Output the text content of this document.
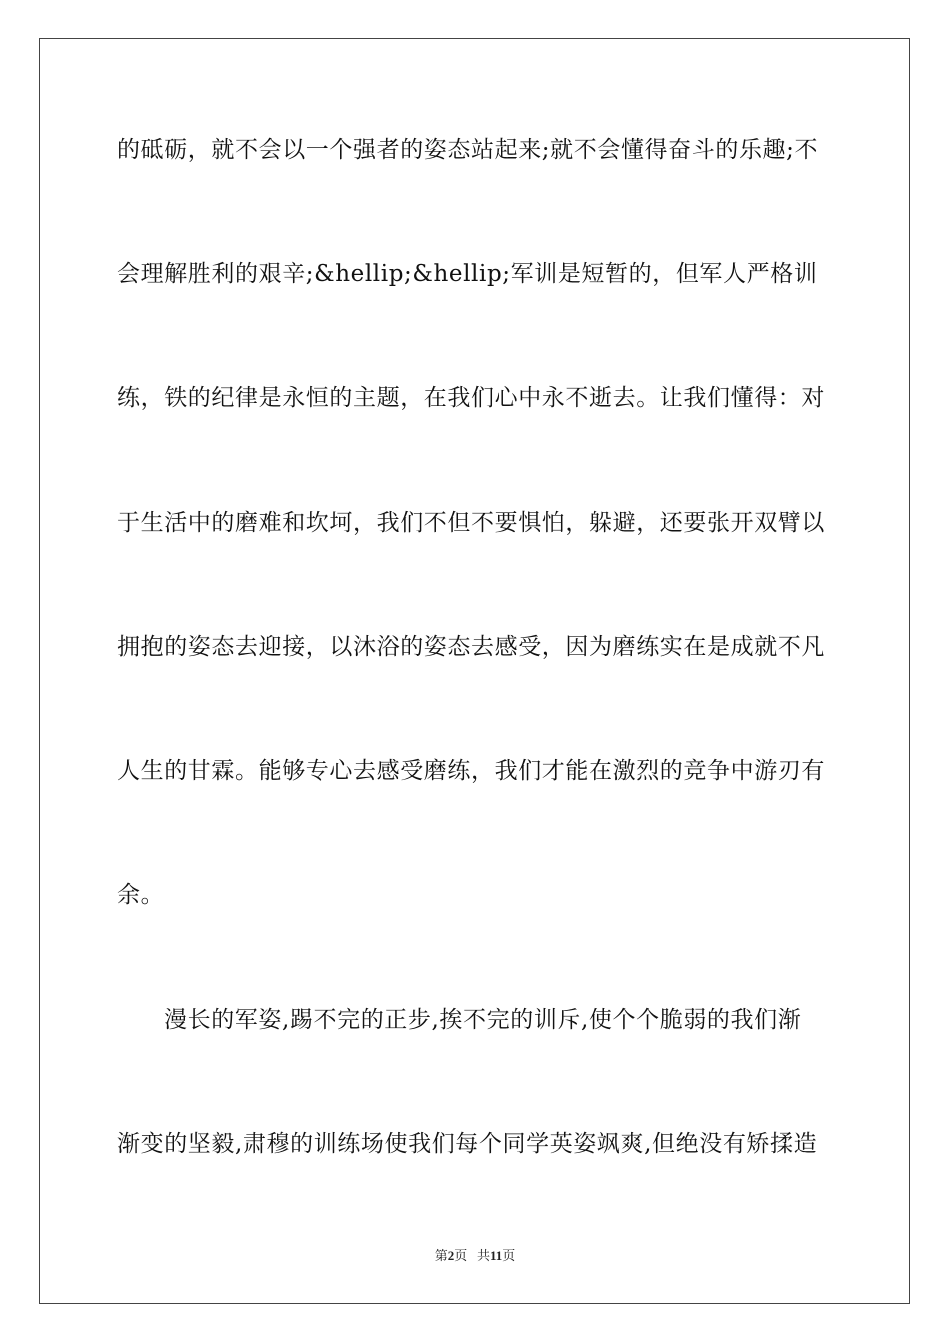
的砥砺，就不会以一个强者的姿态站起来;就不会懂得奋斗的乐趣;不
会理解胜利的艰辛;&hellip;&hellip;军训是短暂的，但军人严格训
练，铁的纪律是永恒的主题，在我们心中永不逝去。让我们懂得：对
于生活中的磨难和坎坷，我们不但不要惧怕，躲避，还要张开双臂以
拥抱的姿态去迎接，以沐浴的姿态去感受，因为磨练实在是成就不凡
人生的甘霖。能够专心去感受磨练，我们才能在激烈的竞争中游刃有
余。
漫长的军姿,踢不完的正步,挨不完的训斥,使个个脆弱的我们渐
渐变的坚毅,肃穆的训练场使我们每个同学英姿飒爽,但绝没有矫揉造
第2页 共11页
